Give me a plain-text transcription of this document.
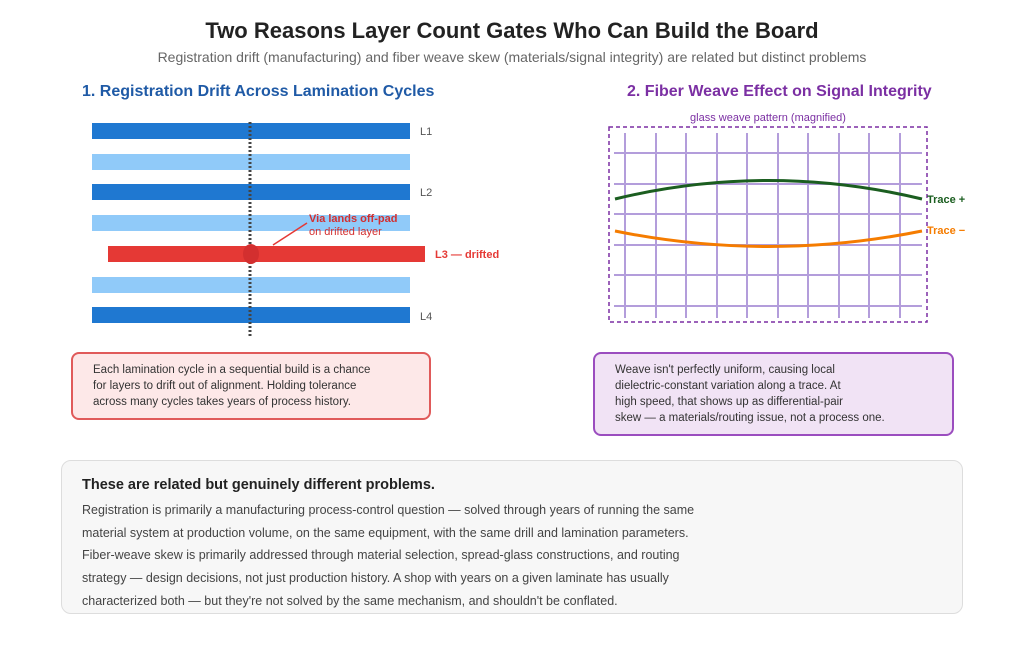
Two Reasons Layer Count Gates Who Can Build the Board
Registration drift (manufacturing) and fiber weave skew (materials/signal integrity) are related but distinct problems
1. Registration Drift Across Lamination Cycles	2. Fiber Weave Effect on Signal Integrity
L1
L2
L3 — drifted
L4
Via lands off-pad
on drifted layer
glass weave pattern (magnified)
Trace +
Trace −
Each lamination cycle in a sequential build is a chance
for layers to drift out of alignment. Holding tolerance
across many cycles takes years of process history.
Weave isn't perfectly uniform, causing local
dielectric-constant variation along a trace. At
high speed, that shows up as differential-pair
skew — a materials/routing issue, not a process one.
These are related but genuinely different problems.
Registration is primarily a manufacturing process-control question — solved through years of running the same
material system at production volume, on the same equipment, with the same drill and lamination parameters.
Fiber-weave skew is primarily addressed through material selection, spread-glass constructions, and routing
strategy — design decisions, not just production history. A shop with years on a given laminate has usually
characterized both — but they're not solved by the same mechanism, and shouldn't be conflated.
